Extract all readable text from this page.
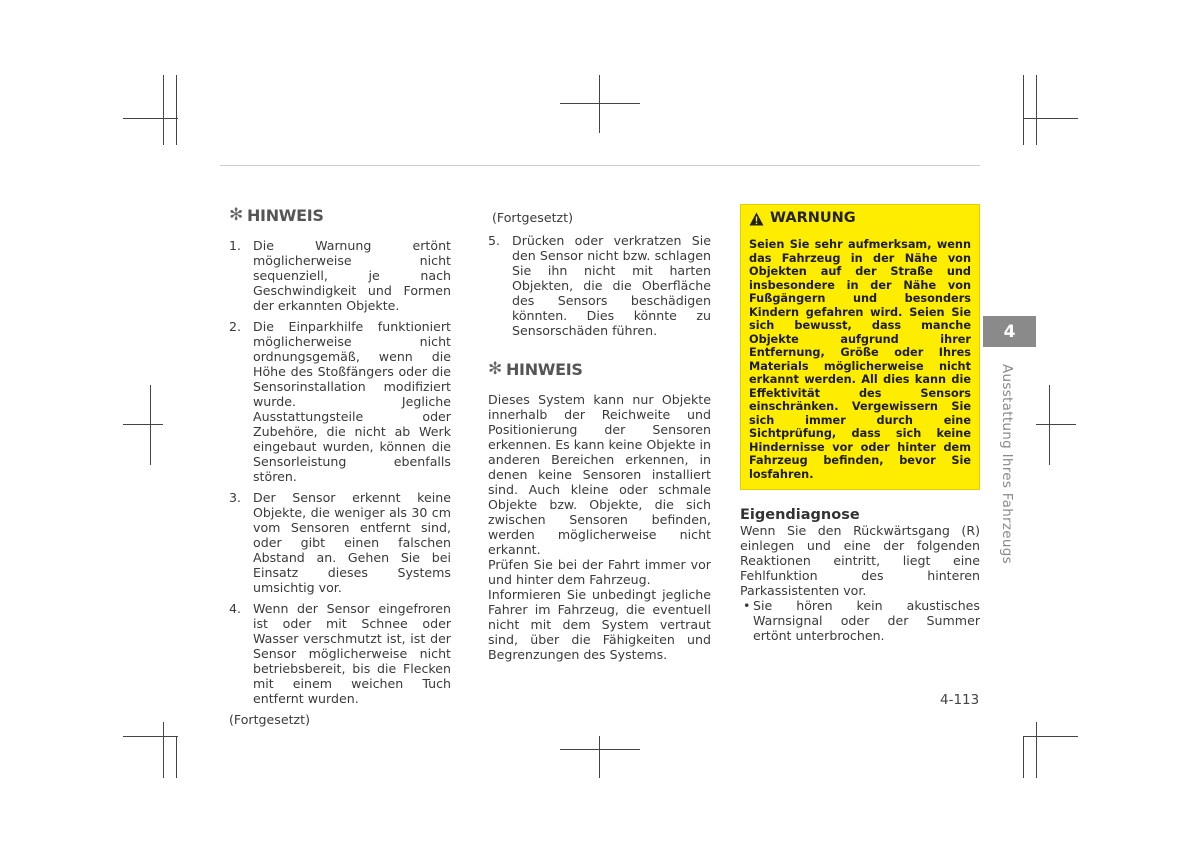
✻ HINWEIS
1. Die Warnung ertönt möglicherweise nicht sequenziell, je nach Geschwindigkeit und Formen der erkannten Objekte.
2. Die Einparkhilfe funktioniert möglicherweise nicht ordnungsgemäß, wenn die Höhe des Stoßfängers oder die Sensorinstallation modifiziert wurde. Jegliche Ausstattungsteile oder Zubehöre, die nicht ab Werk eingebaut wurden, können die Sensorleistung ebenfalls stören.
3. Der Sensor erkennt keine Objekte, die weniger als 30 cm vom Sensoren entfernt sind, oder gibt einen falschen Abstand an. Gehen Sie bei Einsatz dieses Systems umsichtig vor.
4. Wenn der Sensor eingefroren ist oder mit Schnee oder Wasser verschmutzt ist, ist der Sensor möglicherweise nicht betriebsbereit, bis die Flecken mit einem weichen Tuch entfernt wurden.
(Fortgesetzt)
(Fortgesetzt)
5. Drücken oder verkratzen Sie den Sensor nicht bzw. schlagen Sie ihn nicht mit harten Objekten, die die Oberfläche des Sensors beschädigen könnten. Dies könnte zu Sensorschäden führen.
✻ HINWEIS

Dieses System kann nur Objekte innerhalb der Reichweite und Positionierung der Sensoren erkennen. Es kann keine Objekte in anderen Bereichen erkennen, in denen keine Sensoren installiert sind. Auch kleine oder schmale Objekte bzw. Objekte, die sich zwischen Sensoren befinden, werden möglicherweise nicht erkannt.

Prüfen Sie bei der Fahrt immer vor und hinter dem Fahrzeug.

Informieren Sie unbedingt jegliche Fahrer im Fahrzeug, die eventuell nicht mit dem System vertraut sind, über die Fähigkeiten und Begrenzungen des Systems.

WARNUNG
Seien Sie sehr aufmerksam, wenn das Fahrzeug in der Nähe von Objekten auf der Straße und insbesondere in der Nähe von Fußgängern und besonders Kindern gefahren wird. Seien Sie sich bewusst, dass manche Objekte aufgrund ihrer Entfernung, Größe oder Ihres Materials möglicherweise nicht erkannt werden. All dies kann die Effektivität des Sensors einschränken. Vergewissern Sie sich immer durch eine Sichtprüfung, dass sich keine Hindernisse vor oder hinter dem Fahrzeug befinden, bevor Sie losfahren.
Eigendiagnose

Wenn Sie den Rückwärtsgang (R) einlegen und eine der folgenden Reaktionen eintritt, liegt eine Fehlfunktion des hinteren Parkassistenten vor.

• Sie hören kein akustisches Warnsignal oder der Summer ertönt unterbrochen.
4
Ausstattung Ihres Fahrzeugs
4-113
